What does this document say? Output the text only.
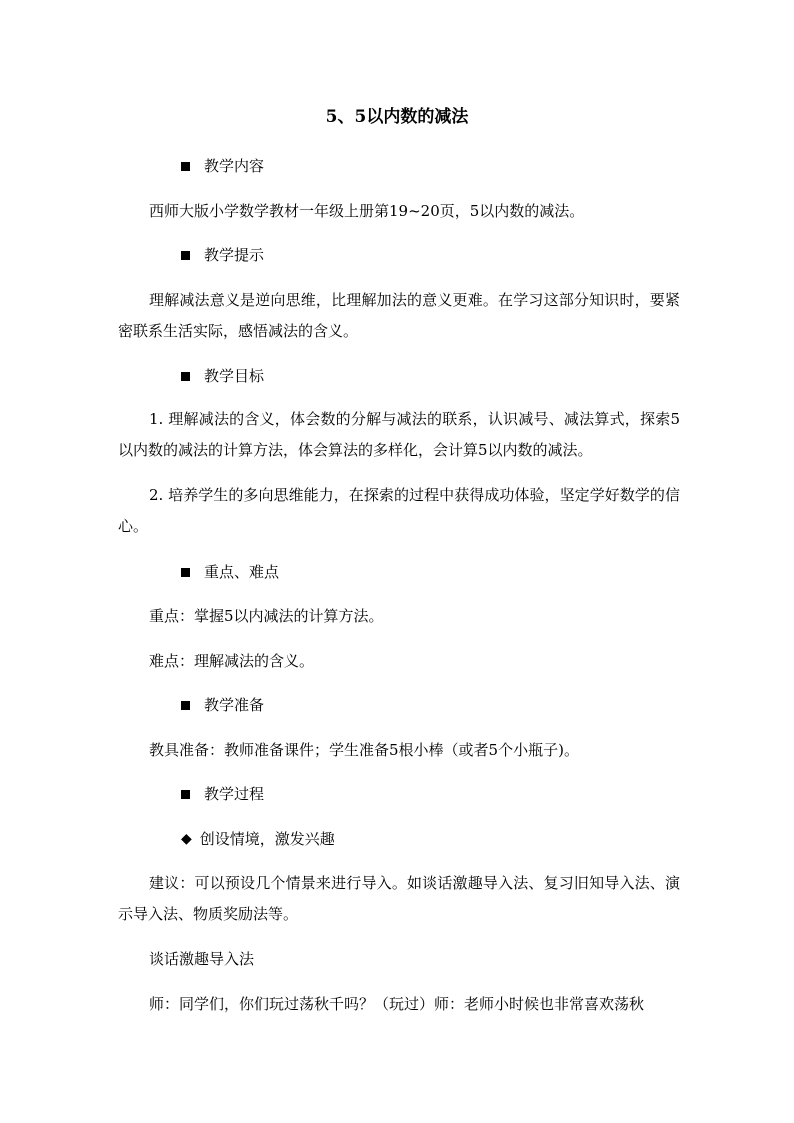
5、5以内数的减法
教学内容
西师大版小学数学教材一年级上册第19~20页，5以内数的减法。
教学提示
理解减法意义是逆向思维，比理解加法的意义更难。在学习这部分知识时，要紧密联系生活实际，感悟减法的含义。
教学目标
1. 理解减法的含义，体会数的分解与减法的联系，认识减号、减法算式，探索5以内数的减法的计算方法，体会算法的多样化，会计算5以内数的减法。
2. 培养学生的多向思维能力，在探索的过程中获得成功体验，坚定学好数学的信心。
重点、难点
重点：掌握5以内减法的计算方法。
难点：理解减法的含义。
教学准备
教具准备：教师准备课件；学生准备5根小棒（或者5个小瓶子)。
教学过程
◆ 创设情境，激发兴趣
建议：可以预设几个情景来进行导入。如谈话激趣导入法、复习旧知导入法、演示导入法、物质奖励法等。
谈话激趣导入法
师：同学们，你们玩过荡秋千吗？（玩过）师：老师小时候也非常喜欢荡秋
